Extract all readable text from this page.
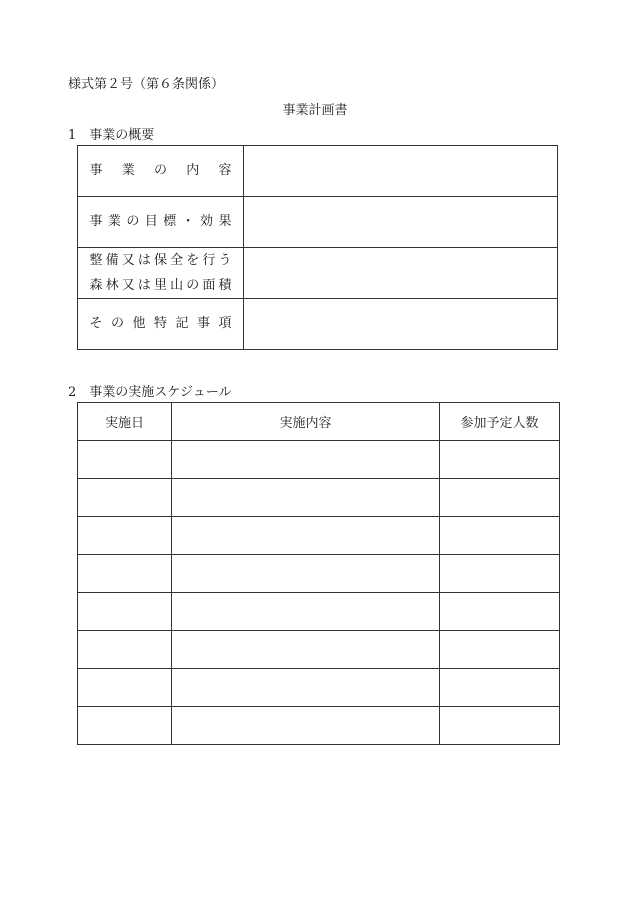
様式第２号（第６条関係）
事業計画書
1　事業の概要
事業の内容	

事業の目標・効果	

整備又は保全を行う
森林又は里山の面積	

その他特記事項	

2　事業の実施スケジュール
実施日	実施内容	参加予定人数
